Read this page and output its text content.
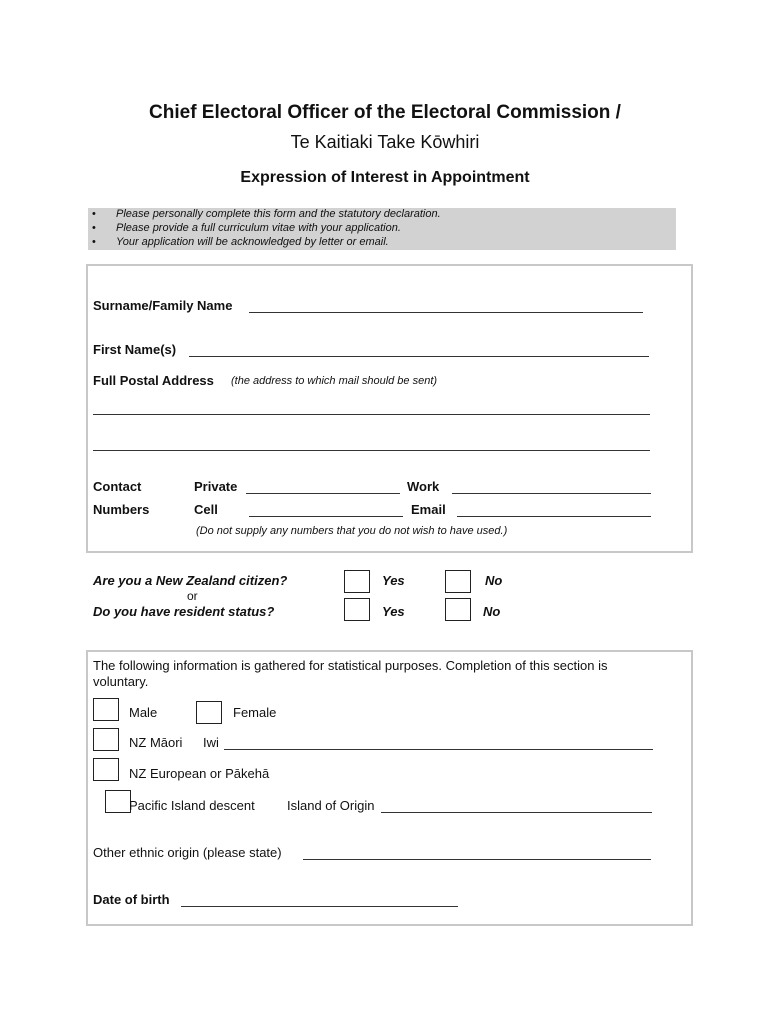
Chief Electoral Officer of the Electoral Commission /
Te Kaitiaki Take Kōwhiri
Expression of Interest in Appointment
• Please personally complete this form and the statutory declaration.
• Please provide a full curriculum vitae with your application.
• Your application will be acknowledged by letter or email.
Surname/Family Name
First Name(s)
Full Postal Address (the address to which mail should be sent)
Contact	Private	Work
Numbers	Cell	Email
(Do not supply any numbers that you do not wish to have used.)
Are you a New Zealand citizen?	Yes	No
or
Do you have resident status?	Yes	No
The following information is gathered for statistical purposes. Completion of this section is
voluntary.
Male	Female
NZ Māori Iwi
NZ European or Pākehā
Pacific Island descent Island of Origin
Other ethnic origin (please state)
Date of birth
